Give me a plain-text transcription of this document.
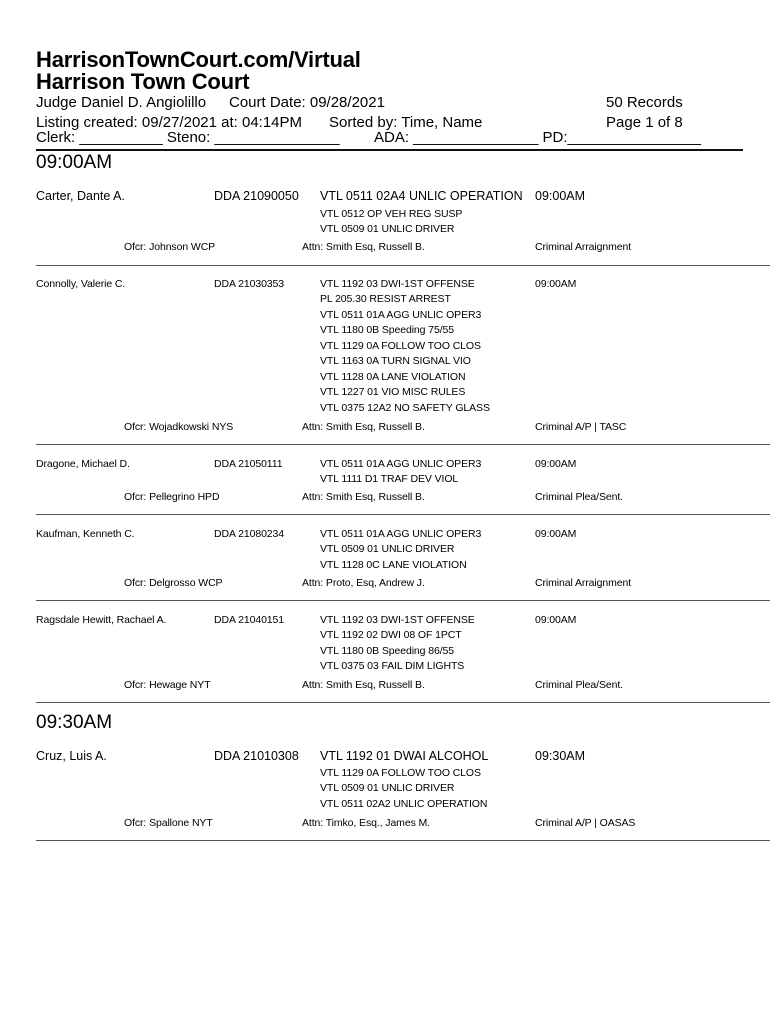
HarrisonTownCourt.com/Virtual
Harrison Town Court
Judge Daniel D. Angiolillo Court Date: 09/28/2021	50 Records
Listing created: 09/27/2021 at: 04:14PM Sorted by: Time, Name	Page 1 of 8
Clerk: __________ Steno: _______________ ADA: _______________ PD:________________
09:00AM
Carter, Dante A.	DDA 21090050 VTL 0511 02A4 UNLIC OPERATION 09:00AM
VTL 0512 OP VEH REG SUSP
VTL 0509 01 UNLIC DRIVER
Ofcr: Johnson WCP	Attn: Smith Esq, Russell B.	Criminal Arraignment
Connolly, Valerie C.	DDA 21030353	VTL 1192 03 DWI-1ST OFFENSE	09:00AM
PL 205.30 RESIST ARREST
VTL 0511 01A AGG UNLIC OPER3
VTL 1180 0B Speeding 75/55
VTL 1129 0A FOLLOW TOO CLOS
VTL 1163 0A TURN SIGNAL VIO
VTL 1128 0A LANE VIOLATION
VTL 1227 01 VIO MISC RULES
VTL 0375 12A2 NO SAFETY GLASS
Ofcr: Wojadkowski NYS	Attn: Smith Esq, Russell B.	Criminal A/P | TASC
Dragone, Michael D.	DDA 21050111	VTL 0511 01A AGG UNLIC OPER3	09:00AM
VTL 1111 D1 TRAF DEV VIOL
Ofcr: Pellegrino HPD	Attn: Smith Esq, Russell B.	Criminal Plea/Sent.
Kaufman, Kenneth C.	DDA 21080234	VTL 0511 01A AGG UNLIC OPER3	09:00AM
VTL 0509 01 UNLIC DRIVER
VTL 1128 0C LANE VIOLATION
Ofcr: Delgrosso WCP	Attn: Proto, Esq, Andrew J.	Criminal Arraignment
Ragsdale Hewitt, Rachael A.	DDA 21040151	VTL 1192 03 DWI-1ST OFFENSE	09:00AM
VTL 1192 02 DWI 08 OF 1PCT
VTL 1180 0B Speeding 86/55
VTL 0375 03 FAIL DIM LIGHTS
Ofcr: Hewage NYT	Attn: Smith Esq, Russell B.	Criminal Plea/Sent.
09:30AM
Cruz, Luis A.	DDA 21010308 VTL 1192 01 DWAI ALCOHOL	09:30AM
VTL 1129 0A FOLLOW TOO CLOS
VTL 0509 01 UNLIC DRIVER
VTL 0511 02A2 UNLIC OPERATION
Ofcr: Spallone NYT	Attn: Timko, Esq., James M.	Criminal A/P | OASAS
